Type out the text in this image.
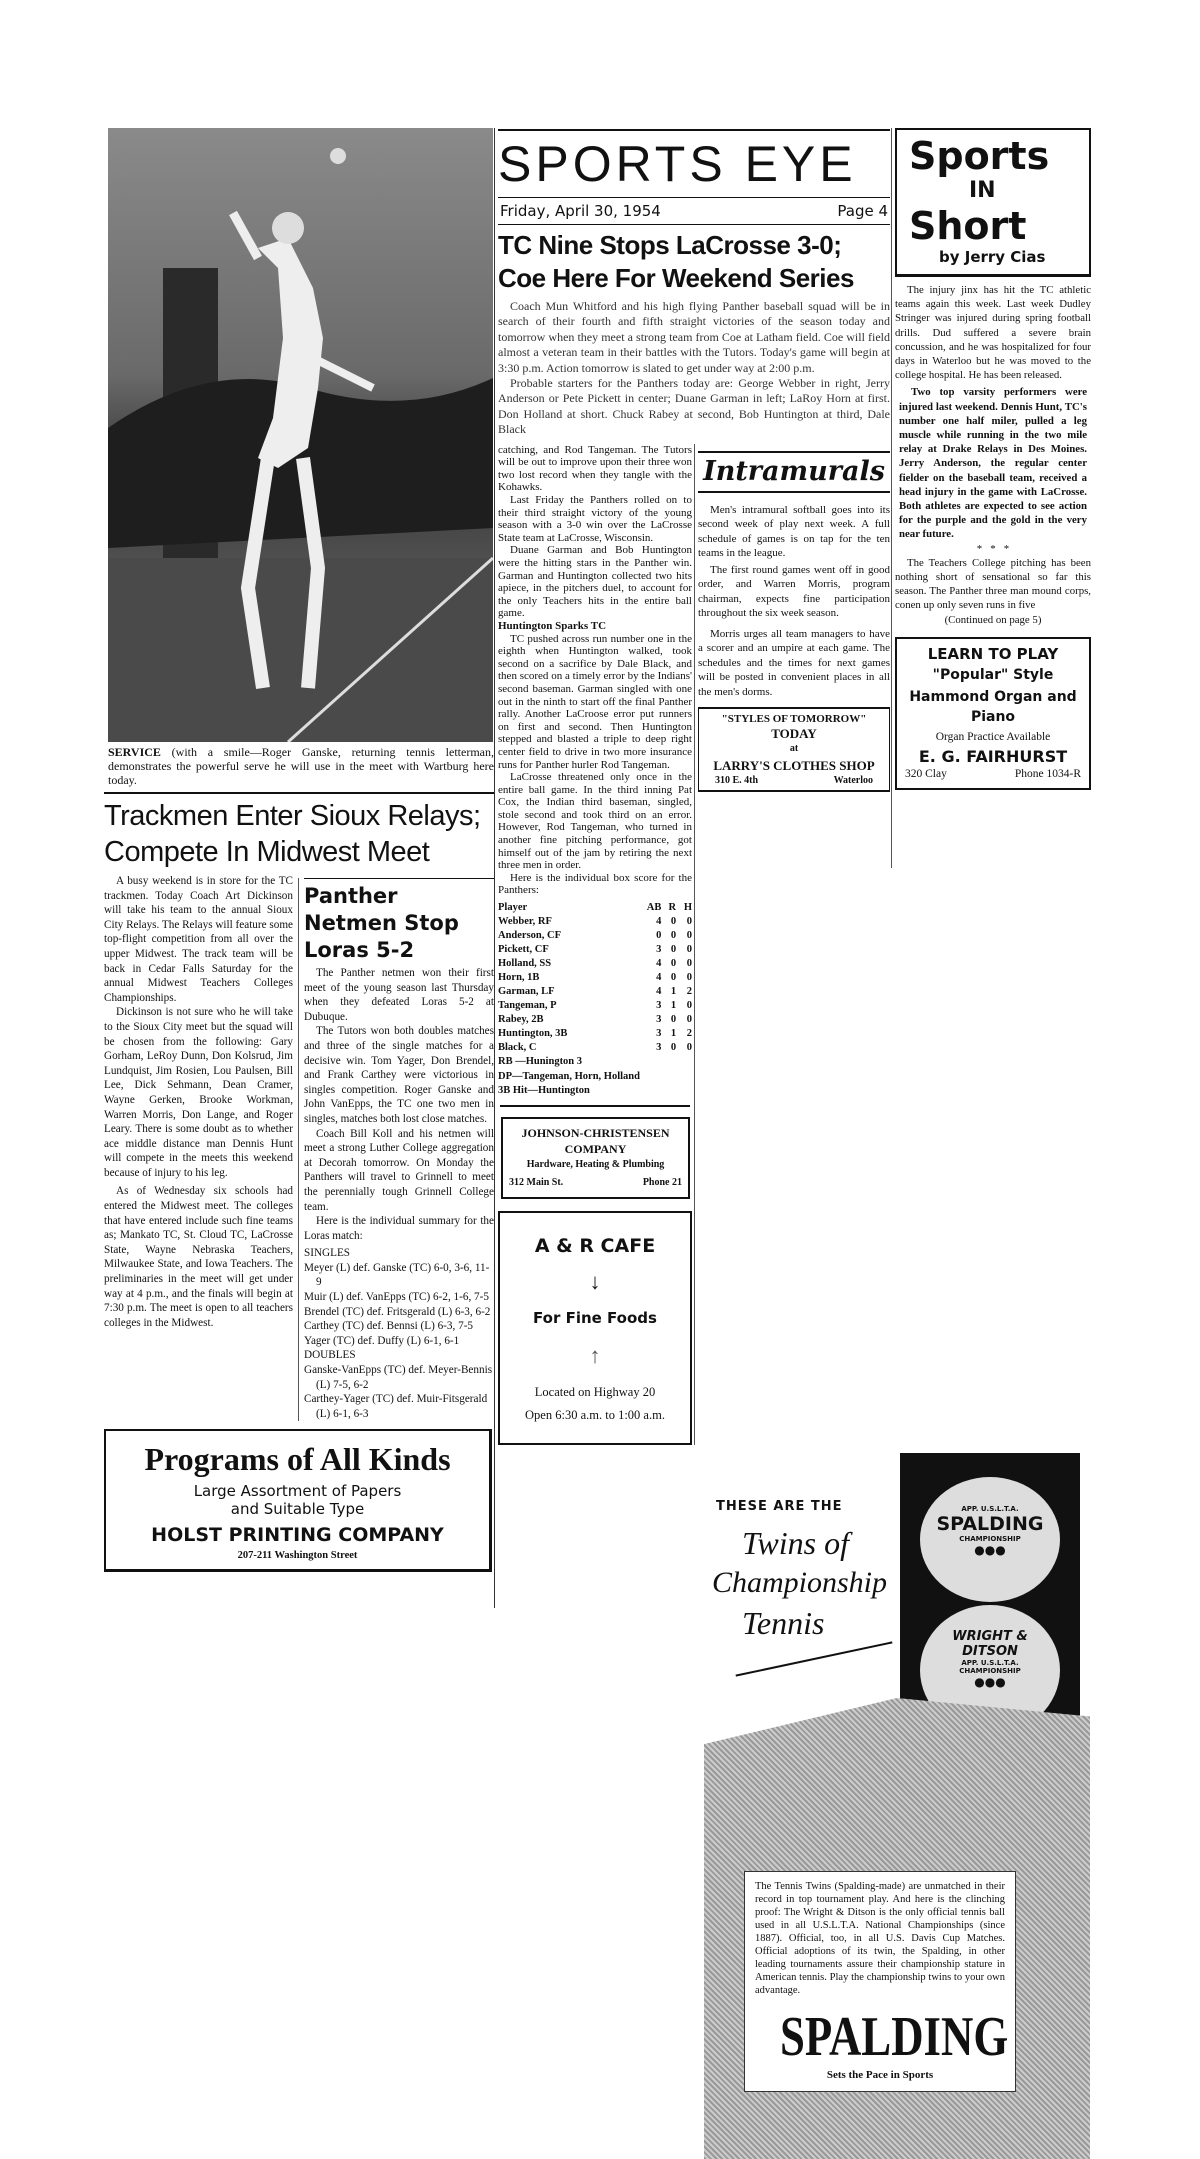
SERVICE (with a smile—Roger Ganske, returning tennis letterman, demonstrates the powerful serve he will use in the meet with Wartburg here today.
Trackmen Enter Sioux Relays; Compete In Midwest Meet

A busy weekend is in store for the TC trackmen. Today Coach Art Dickinson will take his team to the annual Sioux City Relays. The Relays will feature some top-flight competition from all over the upper Midwest. The track team will be back in Cedar Falls Saturday for the annual Midwest Teachers Colleges Championships.

Dickinson is not sure who he will take to the Sioux City meet but the squad will be chosen from the following: Gary Gorham, LeRoy Dunn, Don Kolsrud, Jim Lundquist, Jim Rosien, Lou Paulsen, Bill Lee, Dick Sehmann, Dean Cramer, Wayne Gerken, Brooke Workman, Warren Morris, Don Lange, and Roger Leary. There is some doubt as to whether ace middle distance man Dennis Hunt will compete in the meets this weekend because of injury to his leg.

As of Wednesday six schools had entered the Midwest meet. The colleges that have entered include such fine teams as; Mankato TC, St. Cloud TC, LaCrosse State, Wayne Nebraska Teachers, Milwaukee State, and Iowa Teachers. The preliminaries in the meet will get under way at 4 p.m., and the finals will begin at 7:30 p.m. The meet is open to all teachers colleges in the Midwest.

Panther Netmen Stop Loras 5-2

The Panther netmen won their first meet of the young season last Thursday when they defeated Loras 5-2 at Dubuque.

The Tutors won both doubles matches and three of the single matches for a decisive win. Tom Yager, Don Brendel, and Frank Carthey were victorious in singles competition. Roger Ganske and John VanEpps, the TC one two men in singles, matches both lost close matches.

Coach Bill Koll and his netmen will meet a strong Luther College aggregation at Decorah tomorrow. On Monday the Panthers will travel to Grinnell to meet the perennially tough Grinnell College team.

Here is the individual summary for the Loras match:

SINGLES
Meyer (L) def. Ganske (TC) 6-0, 3-6, 11-9
Muir (L) def. VanEpps (TC) 6-2, 1-6, 7-5
Brendel (TC) def. Fritsgerald (L) 6-3, 6-2
Carthey (TC) def. Bennsi (L) 6-3, 7-5
Yager (TC) def. Duffy (L) 6-1, 6-1
DOUBLES
Ganske-VanEpps (TC) def. Meyer-Bennis (L) 7-5, 6-2
Carthey-Yager (TC) def. Muir-Fitsgerald (L) 6-1, 6-3
Programs of All Kinds
Large Assortment of Papers
and Suitable Type
HOLST PRINTING COMPANY
207-211 Washington Street
SPORTS EYE
Friday, April 30, 1954	Page 4
TC Nine Stops LaCrosse 3-0; Coe Here For Weekend Series

Coach Mun Whitford and his high flying Panther baseball squad will be in search of their fourth and fifth straight victories of the season today and tomorrow when they meet a strong team from Coe at Latham field. Coe will field almost a veteran team in their battles with the Tutors. Today's game will begin at 3:30 p.m. Action tomorrow is slated to get under way at 2:00 p.m.

Probable starters for the Panthers today are: George Webber in right, Jerry Anderson or Pete Pickett in center; Duane Garman in left; LaRoy Horn at first. Don Holland at short. Chuck Rabey at second, Bob Huntington at third, Dale Black

catching, and Rod Tangeman. The Tutors will be out to improve upon their three won two lost record when they tangle with the Kohawks.

Last Friday the Panthers rolled on to their third straight victory of the young season with a 3-0 win over the LaCrosse State team at LaCrosse, Wisconsin.

Duane Garman and Bob Huntington were the hitting stars in the Panther win. Garman and Huntington collected two hits apiece, in the pitchers duel, to account for the only Teachers hits in the entire ball game.

Huntington Sparks TC

TC pushed across run number one in the eighth when Huntington walked, took second on a sacrifice by Dale Black, and then scored on a timely error by the Indians' second baseman. Garman singled with one out in the ninth to start off the final Panther rally. Another LaCroose error put runners on first and second. Then Huntington stepped and blasted a triple to deep right center field to drive in two more insurance runs for Panther hurler Rod Tangeman.

LaCrosse threatened only once in the entire ball game. In the third inning Pat Cox, the Indian third baseman, singled, stole second and took third on an error. However, Rod Tangeman, who turned in another fine pitching performance, got himself out of the jam by retiring the next three men in order.

Here is the individual box score for the Panthers:

Player	AB	R	H
Webber, RF	4	0	0
Anderson, CF	0	0	0
Pickett, CF	3	0	0
Holland, SS	4	0	0
Horn, 1B	4	0	0
Garman, LF	4	1	2
Tangeman, P	3	1	0
Rabey, 2B	3	0	0
Huntington, 3B	3	1	2
Black, C	3	0	0
RB —Hunington 3
DP—Tangeman, Horn, Holland
3B Hit—Huntington
JOHNSON-CHRISTENSEN
COMPANY
Hardware, Heating & Plumbing
312 Main St.	Phone 21
A & R CAFE
↓
For Fine Foods
↑
Located on Highway 20
Open 6:30 a.m. to 1:00 a.m.
Intramurals

Men's intramural softball goes into its second week of play next week. A full schedule of games is on tap for the ten teams in the league.

The first round games went off in good order, and Warren Morris, program chairman, expects fine participation throughout the six week season.

Morris urges all team managers to have a scorer and an umpire at each game. The schedules and the times for next games will be posted in convenient places in all the men's dorms.

"STYLES OF TOMORROW"
TODAY
at
LARRY'S CLOTHES SHOP
310 E. 4th	Waterloo
Sports
IN
Short
by Jerry Cias

The injury jinx has hit the TC athletic teams again this week. Last week Dudley Stringer was injured during spring football drills. Dud suffered a severe brain concussion, and he was hospitalized for four days in Waterloo but he was moved to the college hospital. He has been released.

Two top varsity performers were injured last weekend. Dennis Hunt, TC's number one half miler, pulled a leg muscle while running in the two mile relay at Drake Relays in Des Moines. Jerry Anderson, the regular center fielder on the baseball team, received a head injury in the game with LaCrosse. Both athletes are expected to see action for the purple and the gold in the very near future.

*   *   *

The Teachers College pitching has been nothing short of sensational so far this season. The Panther three man mound corps, conen up only seven runs in five

(Continued on page 5)
LEARN TO PLAY
"Popular" Style
Hammond Organ and Piano
Organ Practice Available
E. G. FAIRHURST
320 Clay	Phone 1034-R
THESE ARE THE
Twins of
Championship
Tennis
APP. U.S.L.T.A.
SPALDING
CHAMPIONSHIP
●●●
WRIGHT &
DITSON
APP. U.S.L.T.A.
CHAMPIONSHIP
●●●
The Tennis Twins (Spalding-made) are unmatched in their record in top tournament play. And here is the clinching proof: The Wright & Ditson is the only official tennis ball used in all U.S.L.T.A. National Championships (since 1887). Official, too, in all U.S. Davis Cup Matches. Official adoptions of its twin, the Spalding, in other leading tournaments assure their championship stature in American tennis. Play the championship twins to your own advantage.
SPALDING
Sets the Pace in Sports
